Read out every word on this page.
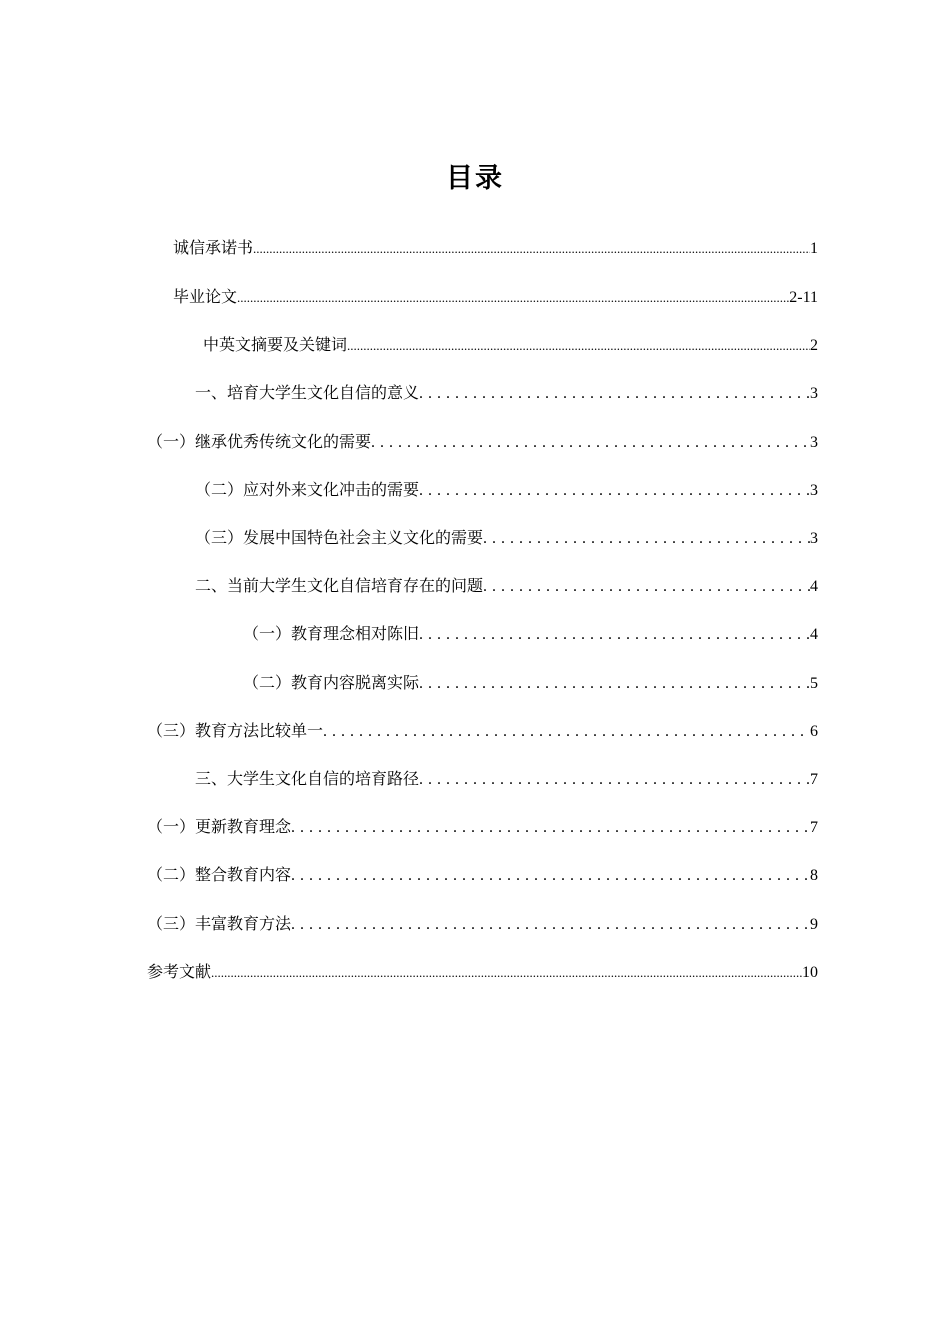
目录
诚信承诺书 .....	1
毕业论文 .....	2-11
中英文摘要及关键词 .....	2
一、培育大学生文化自信的意义 . . .	3
（一）继承优秀传统文化的需要 . . .	3
（二）应对外来文化冲击的需要 . . .	3
（三）发展中国特色社会主义文化的需要 . . .	3
二、当前大学生文化自信培育存在的问题 . . .	4
（一）教育理念相对陈旧 . . .	4
（二）教育内容脱离实际 . . .	5
（三）教育方法比较单一 . . .	6
三、大学生文化自信的培育路径 . . .	7
（一）更新教育理念 . . .	7
（二）整合教育内容 . . .	8
（三）丰富教育方法 . . .	9
参考文献 .....	10
